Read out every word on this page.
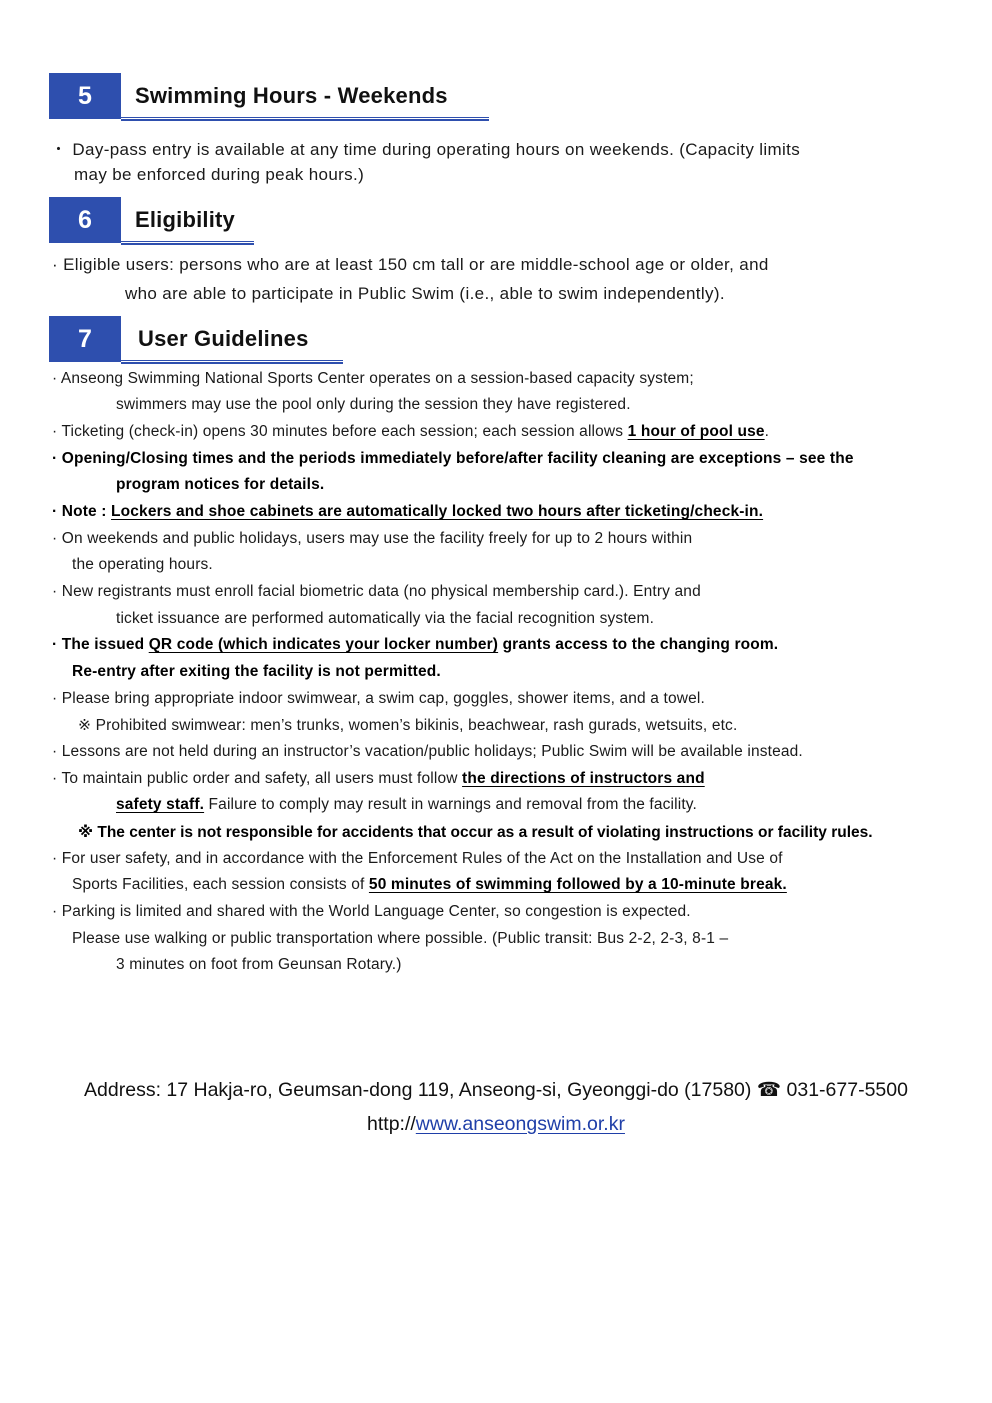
5	Swimming Hours - Weekends
・ Day-pass entry is available at any time during operating hours on weekends. (Capacity limits
may be enforced during peak hours.)
6	Eligibility
· Eligible users: persons who are at least 150 cm tall or are middle-school age or older, and
who are able to participate in Public Swim (i.e., able to swim independently).
7	User Guidelines
· Anseong Swimming National Sports Center operates on a session-based capacity system;
swimmers may use the pool only during the session they have registered.
· Ticketing (check-in) opens 30 minutes before each session; each session allows 1 hour of pool use.
· Opening/Closing times and the periods immediately before/after facility cleaning are exceptions – see the
program notices for details.
· Note : Lockers and shoe cabinets are automatically locked two hours after ticketing/check-in.
· On weekends and public holidays, users may use the facility freely for up to 2 hours within
the operating hours.
· New registrants must enroll facial biometric data (no physical membership card.). Entry and
ticket issuance are performed automatically via the facial recognition system.
· The issued QR code (which indicates your locker number) grants access to the changing room.
Re-entry after exiting the facility is not permitted.
· Please bring appropriate indoor swimwear, a swim cap, goggles, shower items, and a towel.
※ Prohibited swimwear: men’s trunks, women’s bikinis, beachwear, rash gurads, wetsuits, etc.
· Lessons are not held during an instructor’s vacation/public holidays; Public Swim will be available instead.
· To maintain public order and safety, all users must follow the directions of instructors and
safety staff. Failure to comply may result in warnings and removal from the facility.
※ The center is not responsible for accidents that occur as a result of violating instructions or facility rules.
· For user safety, and in accordance with the Enforcement Rules of the Act on the Installation and Use of
Sports Facilities, each session consists of 50 minutes of swimming followed by a 10-minute break.
· Parking is limited and shared with the World Language Center, so congestion is expected.
Please use walking or public transportation where possible. (Public transit: Bus 2-2, 2-3, 8-1 –
3 minutes on foot from Geunsan Rotary.)
Address: 17 Hakja-ro, Geumsan-dong 119, Anseong-si, Gyeonggi-do (17580) ☎ 031-677-5500
http://www.anseongswim.or.kr
